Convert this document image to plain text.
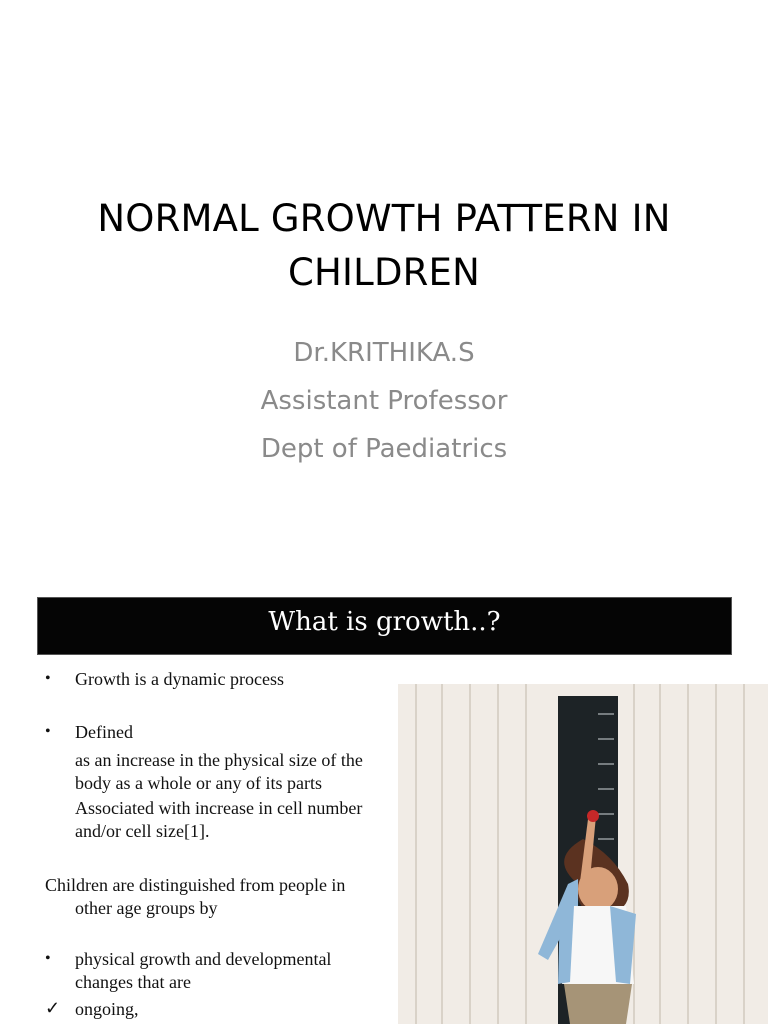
NORMAL GROWTH PATTERN IN
CHILDREN
Dr.KRITHIKA.S
Assistant Professor
Dept of Paediatrics
What is growth..?
• Growth is a dynamic process
• Defined
as an increase in the physical size of the
body as a whole or any of its parts
Associated with increase in cell number
and/or cell size[1].
Children are distinguished from people in
other age groups by
• physical growth and developmental
changes that are
✓ ongoing,
